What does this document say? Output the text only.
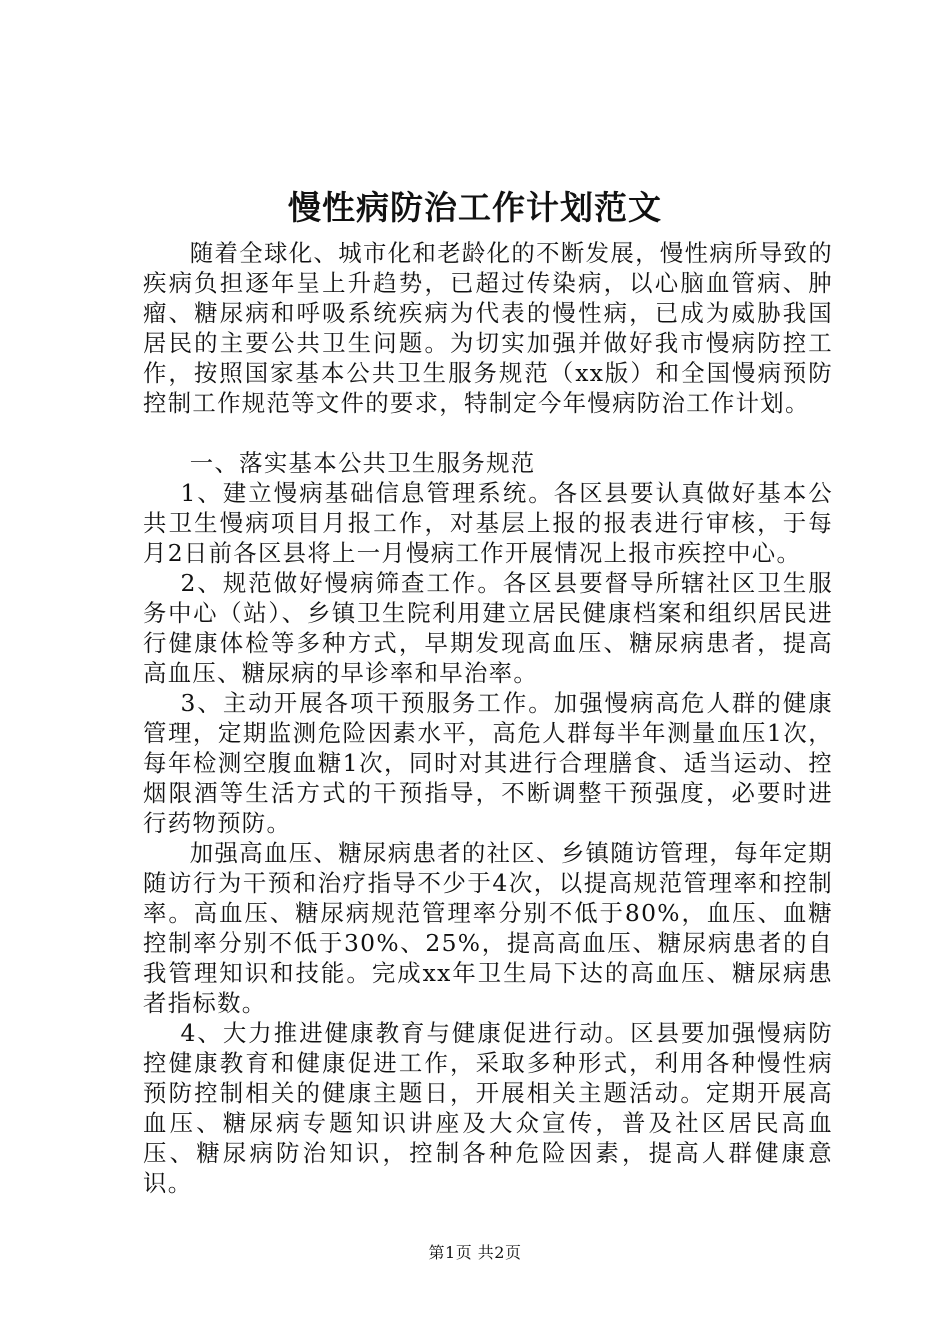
慢性病防治工作计划范文

随着全球化、城市化和老龄化的不断发展，慢性病所导致的疾病负担逐年呈上升趋势，已超过传染病，以心脑血管病、肿瘤、糖尿病和呼吸系统疾病为代表的慢性病，已成为威胁我国居民的主要公共卫生问题。为切实加强并做好我市慢病防控工作，按照国家基本公共卫生服务规范（xx版）和全国慢病预防控制工作规范等文件的要求，特制定今年慢病防治工作计划。

一、落实基本公共卫生服务规范

1、建立慢病基础信息管理系统。各区县要认真做好基本公共卫生慢病项目月报工作，对基层上报的报表进行审核，于每月2日前各区县将上一月慢病工作开展情况上报市疾控中心。

2、规范做好慢病筛查工作。各区县要督导所辖社区卫生服务中心（站）、乡镇卫生院利用建立居民健康档案和组织居民进行健康体检等多种方式，早期发现高血压、糖尿病患者，提高高血压、糖尿病的早诊率和早治率。

3、主动开展各项干预服务工作。加强慢病高危人群的健康管理，定期监测危险因素水平，高危人群每半年测量血压1次，每年检测空腹血糖1次，同时对其进行合理膳食、适当运动、控烟限酒等生活方式的干预指导，不断调整干预强度，必要时进行药物预防。

加强高血压、糖尿病患者的社区、乡镇随访管理，每年定期随访行为干预和治疗指导不少于4次，以提高规范管理率和控制率。高血压、糖尿病规范管理率分别不低于80%，血压、血糖控制率分别不低于30%、25%，提高高血压、糖尿病患者的自我管理知识和技能。完成xx年卫生局下达的高血压、糖尿病患者指标数。

4、大力推进健康教育与健康促进行动。区县要加强慢病防控健康教育和健康促进工作，采取多种形式，利用各种慢性病预防控制相关的健康主题日，开展相关主题活动。定期开展高血压、糖尿病专题知识讲座及大众宣传，普及社区居民高血压、糖尿病防治知识，控制各种危险因素，提高人群健康意识。

第1页 共2页
